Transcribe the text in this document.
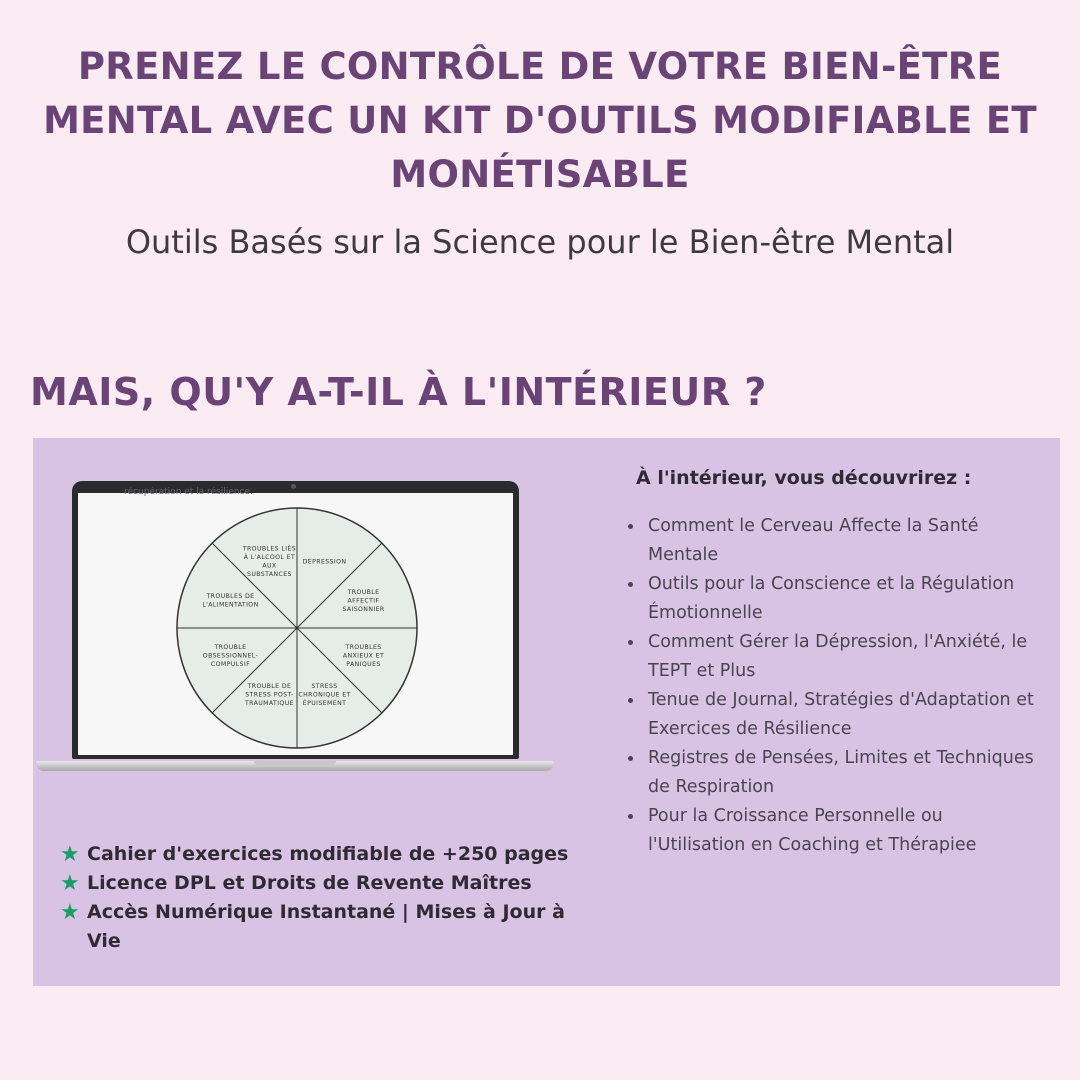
PRENEZ LE CONTRÔLE DE VOTRE BIEN-ÊTRE
MENTAL AVEC UN KIT D'OUTILS MODIFIABLE ET
MONÉTISABLE
Outils Basés sur la Science pour le Bien-être Mental
MAIS, QU'Y A-T-IL À L'INTÉRIEUR ?
récupération et la résilience.
DÉPRESSION
TROUBLE
AFFECTIF
SAISONNIER
TROUBLES
ANXIEUX ET
PANIQUES
STRESS
CHRONIQUE ET
ÉPUISEMENT
TROUBLE DE
STRESS POST-
TRAUMATIQUE
TROUBLE
OBSESSIONNEL-
COMPULSIF
TROUBLES DE
L'ALIMENTATION
TROUBLES LIÉS
À L'ALCOOL ET
AUX
SUBSTANCES

À l'intérieur, vous découvrirez :

Comment le Cerveau Affecte la Santé Mentale
Outils pour la Conscience et la Régulation Émotionnelle
Comment Gérer la Dépression, l'Anxiété, le TEPT et Plus
Tenue de Journal, Stratégies d'Adaptation et Exercices de Résilience
Registres de Pensées, Limites et Techniques de Respiration
Pour la Croissance Personnelle ou l'Utilisation en Coaching et Thérapiee
★ Cahier d'exercices modifiable de +250 pages
★ Licence DPL et Droits de Revente Maîtres
★ Accès Numérique Instantané | Mises à Jour à Vie
